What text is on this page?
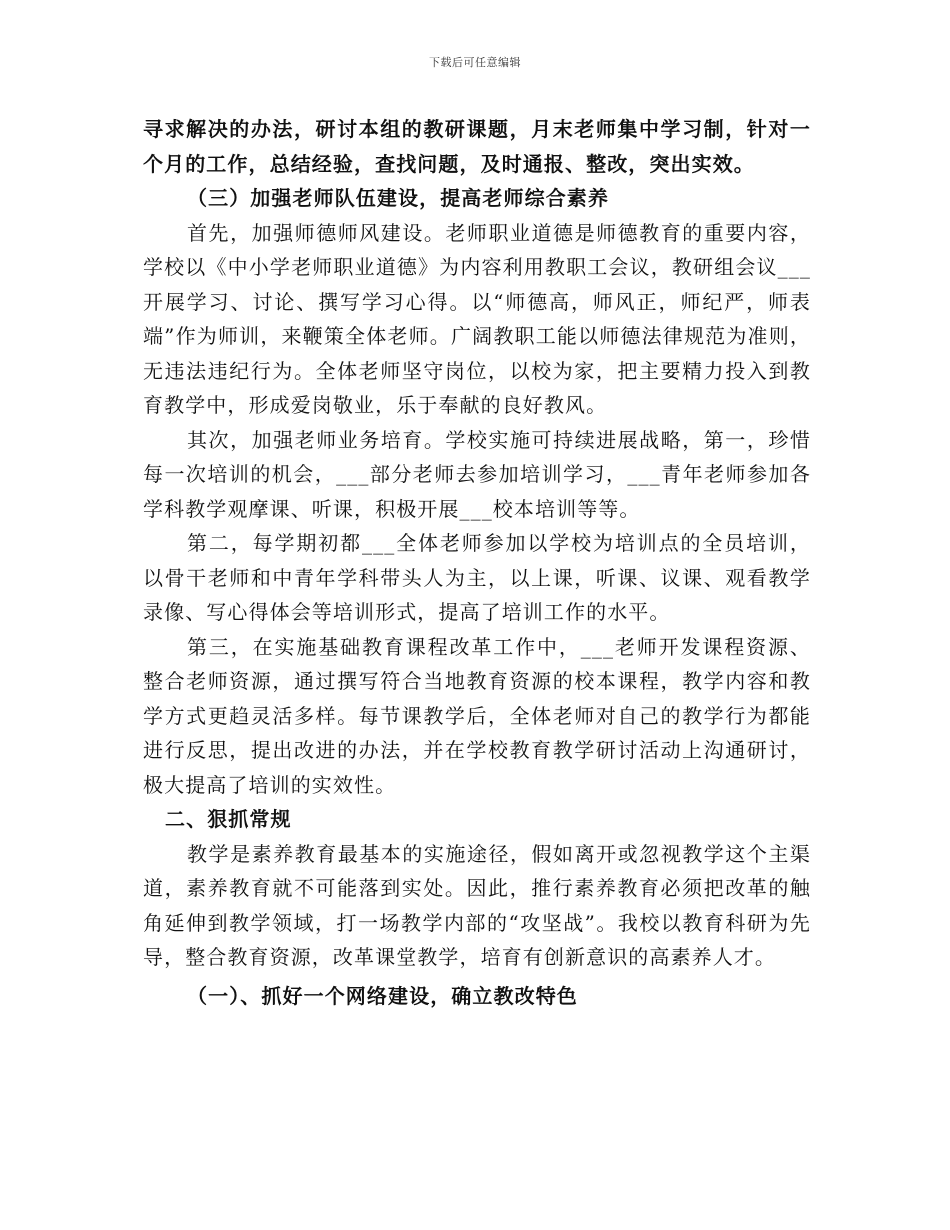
下载后可任意编辑

寻求解决的办法，研讨本组的教研课题，月末老师集中学习制，针对一个月的工作，总结经验，查找问题，及时通报、整改，突出实效。

（三）加强老师队伍建设，提高老师综合素养

首先，加强师德师风建设。老师职业道德是师德教育的重要内容，学校以《中小学老师职业道德》为内容利用教职工会议，教研组会议___开展学习、讨论、撰写学习心得。以“师德高，师风正，师纪严，师表端”作为师训，来鞭策全体老师。广阔教职工能以师德法律规范为准则，无违法违纪行为。全体老师坚守岗位，以校为家，把主要精力投入到教育教学中，形成爱岗敬业，乐于奉献的良好教风。

其次，加强老师业务培育。学校实施可持续进展战略，第一，珍惜每一次培训的机会，___部分老师去参加培训学习，___青年老师参加各学科教学观摩课、听课，积极开展___校本培训等等。

第二，每学期初都___全体老师参加以学校为培训点的全员培训，以骨干老师和中青年学科带头人为主，以上课，听课、议课、观看教学录像、写心得体会等培训形式，提高了培训工作的水平。

第三，在实施基础教育课程改革工作中，___老师开发课程资源、整合老师资源，通过撰写符合当地教育资源的校本课程，教学内容和教学方式更趋灵活多样。每节课教学后，全体老师对自己的教学行为都能进行反思，提出改进的办法，并在学校教育教学研讨活动上沟通研讨，极大提高了培训的实效性。

二、狠抓常规

教学是素养教育最基本的实施途径，假如离开或忽视教学这个主渠道，素养教育就不可能落到实处。因此，推行素养教育必须把改革的触角延伸到教学领域，打一场教学内部的“攻坚战”。我校以教育科研为先导，整合教育资源，改革课堂教学，培育有创新意识的高素养人才。

（一）、抓好一个网络建设，确立教改特色
